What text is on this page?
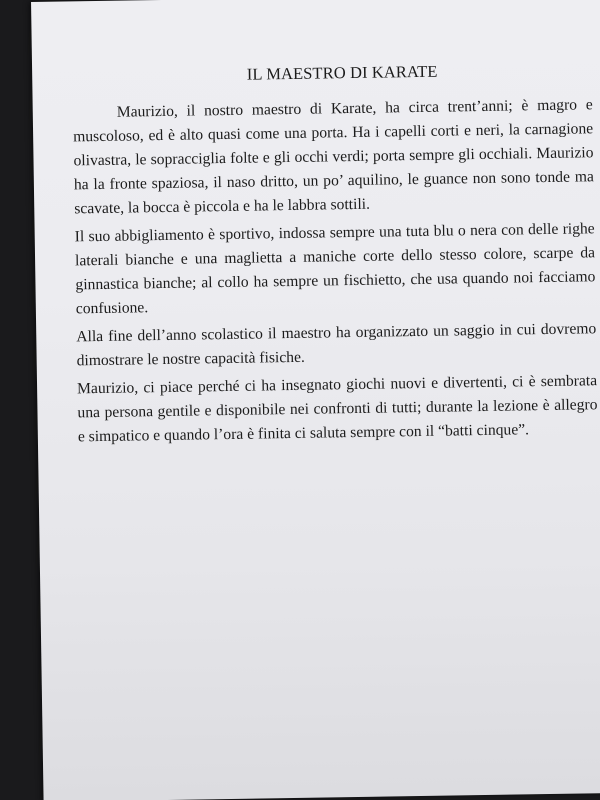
IL MAESTRO DI KARATE

Maurizio, il nostro maestro di Karate, ha circa trent’anni; è magro e muscoloso, ed è alto quasi come una porta. Ha i capelli corti e neri, la carnagione olivastra, le sopracciglia folte e gli occhi verdi; porta sempre gli occhiali. Maurizio ha la fronte spaziosa, il naso dritto, un po’ aquilino, le guance non sono tonde ma scavate, la bocca è piccola e ha le labbra sottili.

Il suo abbigliamento è sportivo, indossa sempre una tuta blu o nera con delle righe laterali bianche e una maglietta a maniche corte dello stesso colore, scarpe da ginnastica bianche; al collo ha sempre un fischietto, che usa quando noi facciamo confusione.

Alla fine dell’anno scolastico il maestro ha organizzato un saggio in cui dovremo dimostrare le nostre capacità fisiche.

Maurizio, ci piace perché ci ha insegnato giochi nuovi e divertenti, ci è sembrata una persona gentile e disponibile nei confronti di tutti; durante la lezione è allegro e simpatico e quando l’ora è finita ci saluta sempre con il “batti cinque”.
